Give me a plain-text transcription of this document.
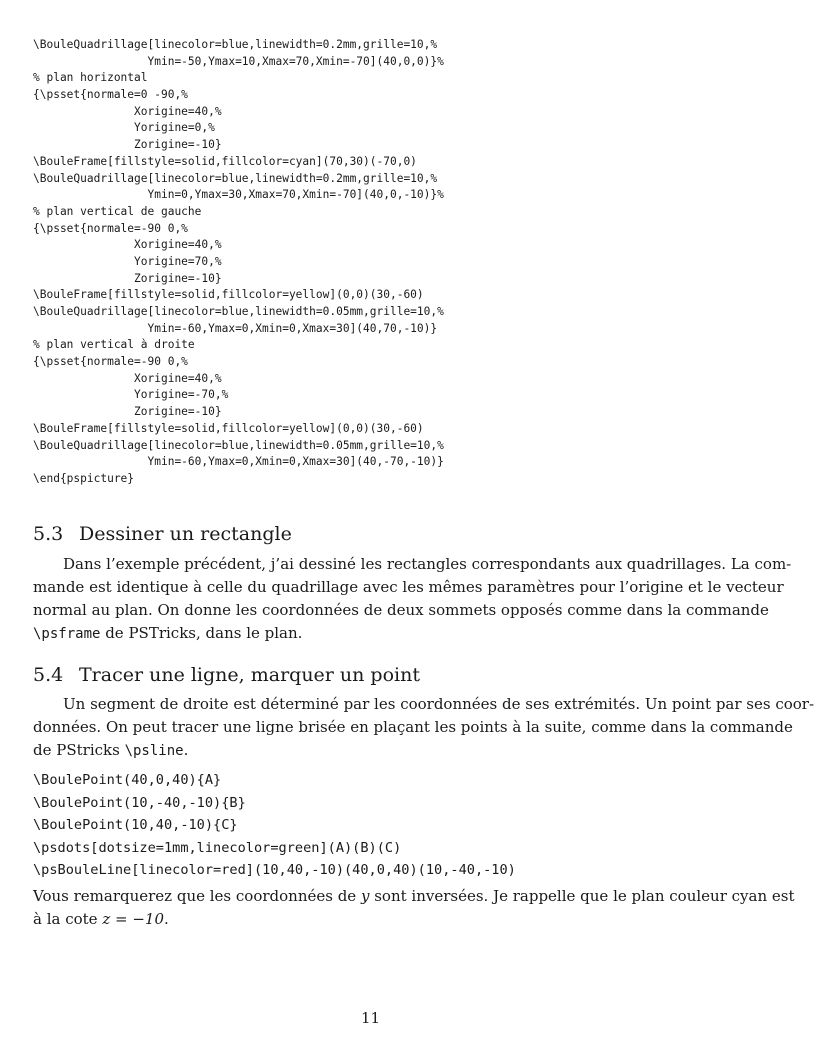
\BouleQuadrillage[linecolor=blue,linewidth=0.2mm,grille=10,%
Ymin=-50,Ymax=10,Xmax=70,Xmin=-70](40,0,0)}%
% plan horizontal
{\psset{normale=0 -90,%
Xorigine=40,%
Yorigine=0,%
Zorigine=-10}
\BouleFrame[fillstyle=solid,fillcolor=cyan](70,30)(-70,0)
\BouleQuadrillage[linecolor=blue,linewidth=0.2mm,grille=10,%
Ymin=0,Ymax=30,Xmax=70,Xmin=-70](40,0,-10)}%
% plan vertical de gauche
{\psset{normale=-90 0,%
Xorigine=40,%
Yorigine=70,%
Zorigine=-10}
\BouleFrame[fillstyle=solid,fillcolor=yellow](0,0)(30,-60)
\BouleQuadrillage[linecolor=blue,linewidth=0.05mm,grille=10,%
Ymin=-60,Ymax=0,Xmin=0,Xmax=30](40,70,-10)}
% plan vertical à droite
{\psset{normale=-90 0,%
Xorigine=40,%
Yorigine=-70,%
Zorigine=-10}
\BouleFrame[fillstyle=solid,fillcolor=yellow](0,0)(30,-60)
\BouleQuadrillage[linecolor=blue,linewidth=0.05mm,grille=10,%
Ymin=-60,Ymax=0,Xmin=0,Xmax=30](40,-70,-10)}
\end{pspicture}
5.3 Dessiner un rectangle
Dans l’exemple précédent, j’ai dessiné les rectangles correspondants aux quadrillages. La com-
mande est identique à celle du quadrillage avec les mêmes paramètres pour l’origine et le vecteur
normal au plan. On donne les coordonnées de deux sommets opposés comme dans la commande
\psframe de PSTricks, dans le plan.
5.4 Tracer une ligne, marquer un point
Un segment de droite est déterminé par les coordonnées de ses extrémités. Un point par ses coor-
données. On peut tracer une ligne brisée en plaçant les points à la suite, comme dans la commande
de PStricks \psline.
\BoulePoint(40,0,40){A}
\BoulePoint(10,-40,-10){B}
\BoulePoint(10,40,-10){C}
\psdots[dotsize=1mm,linecolor=green](A)(B)(C)
\psBouleLine[linecolor=red](10,40,-10)(40,0,40)(10,-40,-10)
Vous remarquerez que les coordonnées de y sont inversées. Je rappelle que le plan couleur cyan est
à la cote z = −10.
11
